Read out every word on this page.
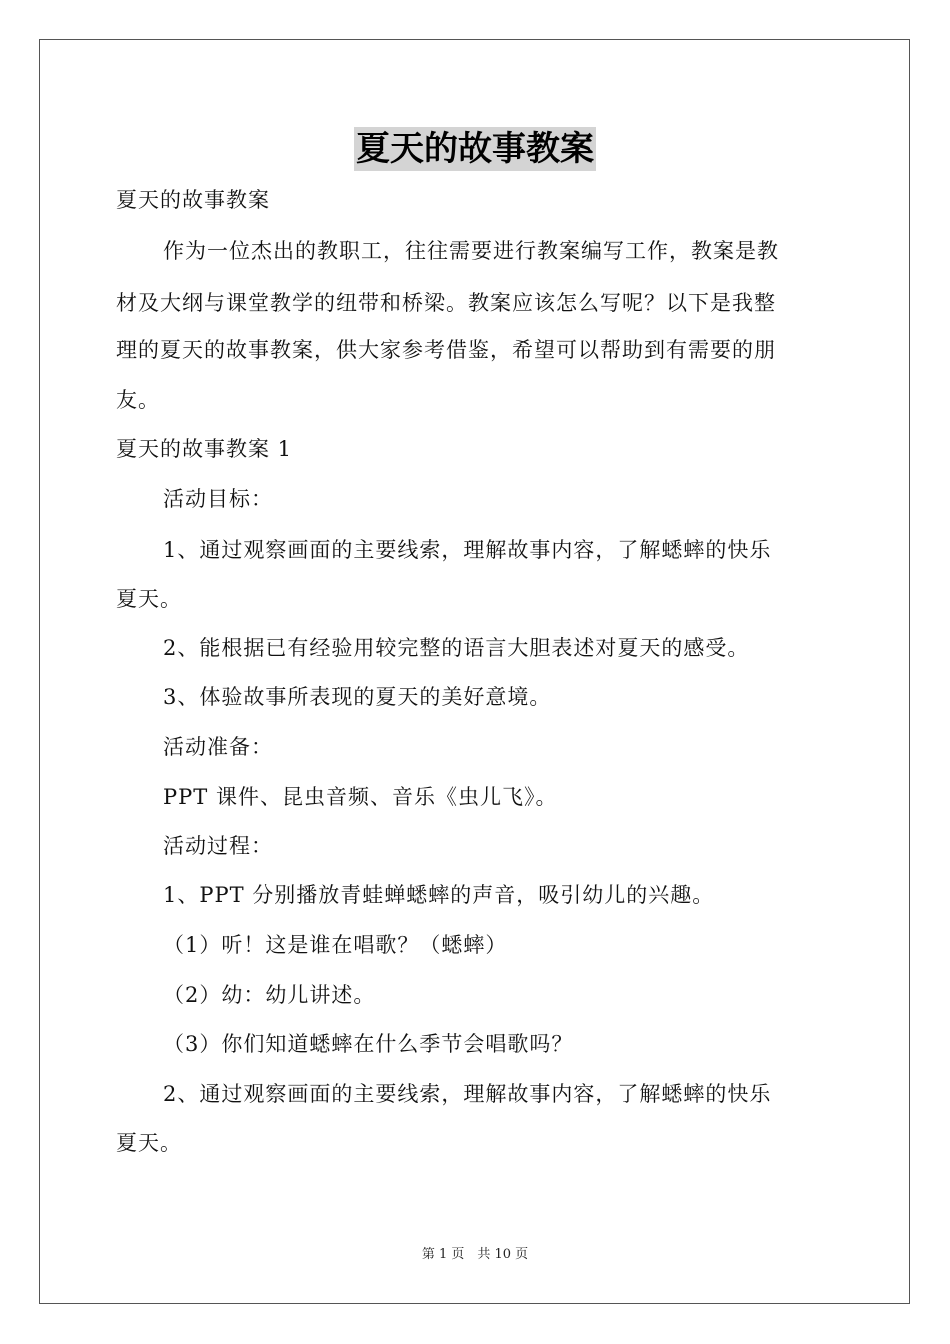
夏天的故事教案
夏天的故事教案
作为一位杰出的教职工，往往需要进行教案编写工作，教案是教
材及大纲与课堂教学的纽带和桥梁。教案应该怎么写呢？以下是我整
理的夏天的故事教案，供大家参考借鉴，希望可以帮助到有需要的朋
友。
夏天的故事教案 1
活动目标：
1、通过观察画面的主要线索，理解故事内容，了解蟋蟀的快乐
夏天。
2、能根据已有经验用较完整的语言大胆表述对夏天的感受。
3、体验故事所表现的夏天的美好意境。
活动准备：
PPT 课件、昆虫音频、音乐《虫儿飞》。
活动过程：
1、PPT 分别播放青蛙蝉蟋蟀的声音，吸引幼儿的兴趣。
（1）听！这是谁在唱歌？（蟋蟀）
（2）幼：幼儿讲述。
（3）你们知道蟋蟀在什么季节会唱歌吗？
2、通过观察画面的主要线索，理解故事内容，了解蟋蟀的快乐
夏天。
第 1 页　共 10 页
